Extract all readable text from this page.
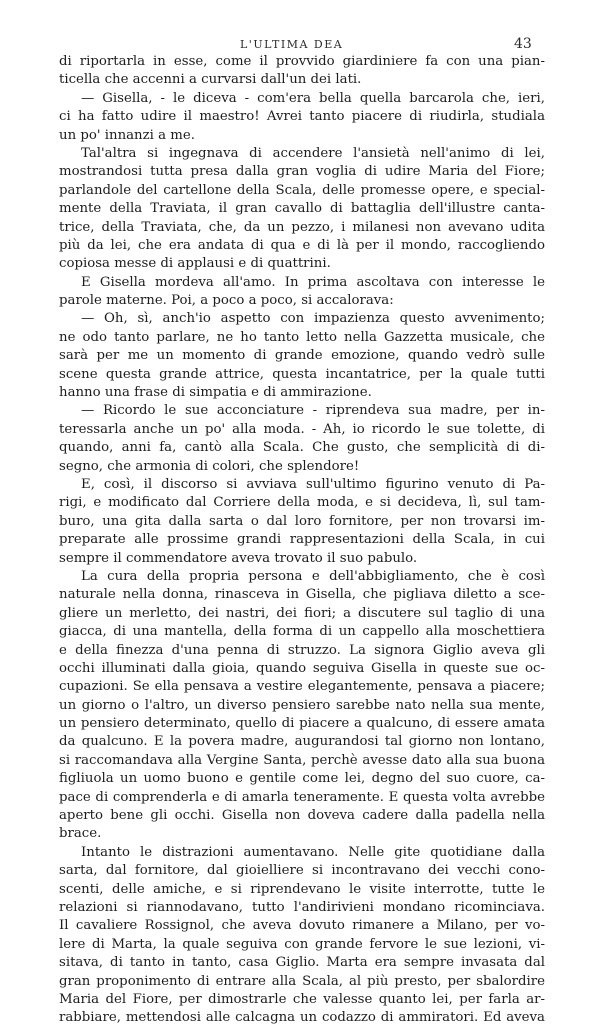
L'ULTIMA DEA	43
di riportarla in esse, come il provvido giardiniere fa con una pian-
ticella che accenni a curvarsi dall'un dei lati.
— Gisella, - le diceva - com'era bella quella barcarola che, ieri,
ci ha fatto udire il maestro! Avrei tanto piacere di riudirla, studiala
un po' innanzi a me.
Tal'altra si ingegnava di accendere l'ansietà nell'animo di lei,
mostrandosi tutta presa dalla gran voglia di udire Maria del Fiore;
parlandole del cartellone della Scala, delle promesse opere, e special-
mente della Traviata, il gran cavallo di battaglia dell'illustre canta-
trice, della Traviata, che, da un pezzo, i milanesi non avevano udita
più da lei, che era andata di qua e di là per il mondo, raccogliendo
copiosa messe di applausi e di quattrini.
E Gisella mordeva all'amo. In prima ascoltava con interesse le
parole materne. Poi, a poco a poco, si accalorava:
— Oh, sì, anch'io aspetto con impazienza questo avvenimento;
ne odo tanto parlare, ne ho tanto letto nella Gazzetta musicale, che
sarà per me un momento di grande emozione, quando vedrò sulle
scene questa grande attrice, questa incantatrice, per la quale tutti
hanno una frase di simpatia e di ammirazione.
— Ricordo le sue acconciature - riprendeva sua madre, per in-
teressarla anche un po' alla moda. - Ah, io ricordo le sue tolette, di
quando, anni fa, cantò alla Scala. Che gusto, che semplicità di di-
segno, che armonia di colori, che splendore!
E, così, il discorso si avviava sull'ultimo figurino venuto di Pa-
rigi, e modificato dal Corriere della moda, e si decideva, lì, sul tam-
buro, una gita dalla sarta o dal loro fornitore, per non trovarsi im-
preparate alle prossime grandi rappresentazioni della Scala, in cui
sempre il commendatore aveva trovato il suo pabulo.
La cura della propria persona e dell'abbigliamento, che è così
naturale nella donna, rinasceva in Gisella, che pigliava diletto a sce-
gliere un merletto, dei nastri, dei fiori; a discutere sul taglio di una
giacca, di una mantella, della forma di un cappello alla moschettiera
e della finezza d'una penna di struzzo. La signora Giglio aveva gli
occhi illuminati dalla gioia, quando seguiva Gisella in queste sue oc-
cupazioni. Se ella pensava a vestire elegantemente, pensava a piacere;
un giorno o l'altro, un diverso pensiero sarebbe nato nella sua mente,
un pensiero determinato, quello di piacere a qualcuno, di essere amata
da qualcuno. E la povera madre, augurandosi tal giorno non lontano,
si raccomandava alla Vergine Santa, perchè avesse dato alla sua buona
figliuola un uomo buono e gentile come lei, degno del suo cuore, ca-
pace di comprenderla e di amarla teneramente. E questa volta avrebbe
aperto bene gli occhi. Gisella non doveva cadere dalla padella nella
brace.
Intanto le distrazioni aumentavano. Nelle gite quotidiane dalla
sarta, dal fornitore, dal gioielliere si incontravano dei vecchi cono-
scenti, delle amiche, e si riprendevano le visite interrotte, tutte le
relazioni si riannodavano, tutto l'andirivieni mondano ricominciava.
Il cavaliere Rossignol, che aveva dovuto rimanere a Milano, per vo-
lere di Marta, la quale seguiva con grande fervore le sue lezioni, vi-
sitava, di tanto in tanto, casa Giglio. Marta era sempre invasata dal
gran proponimento di entrare alla Scala, al più presto, per sbalordire
Maria del Fiore, per dimostrarle che valesse quanto lei, per farla ar-
rabbiare, mettendosi alle calcagna un codazzo di ammiratori. Ed aveva
